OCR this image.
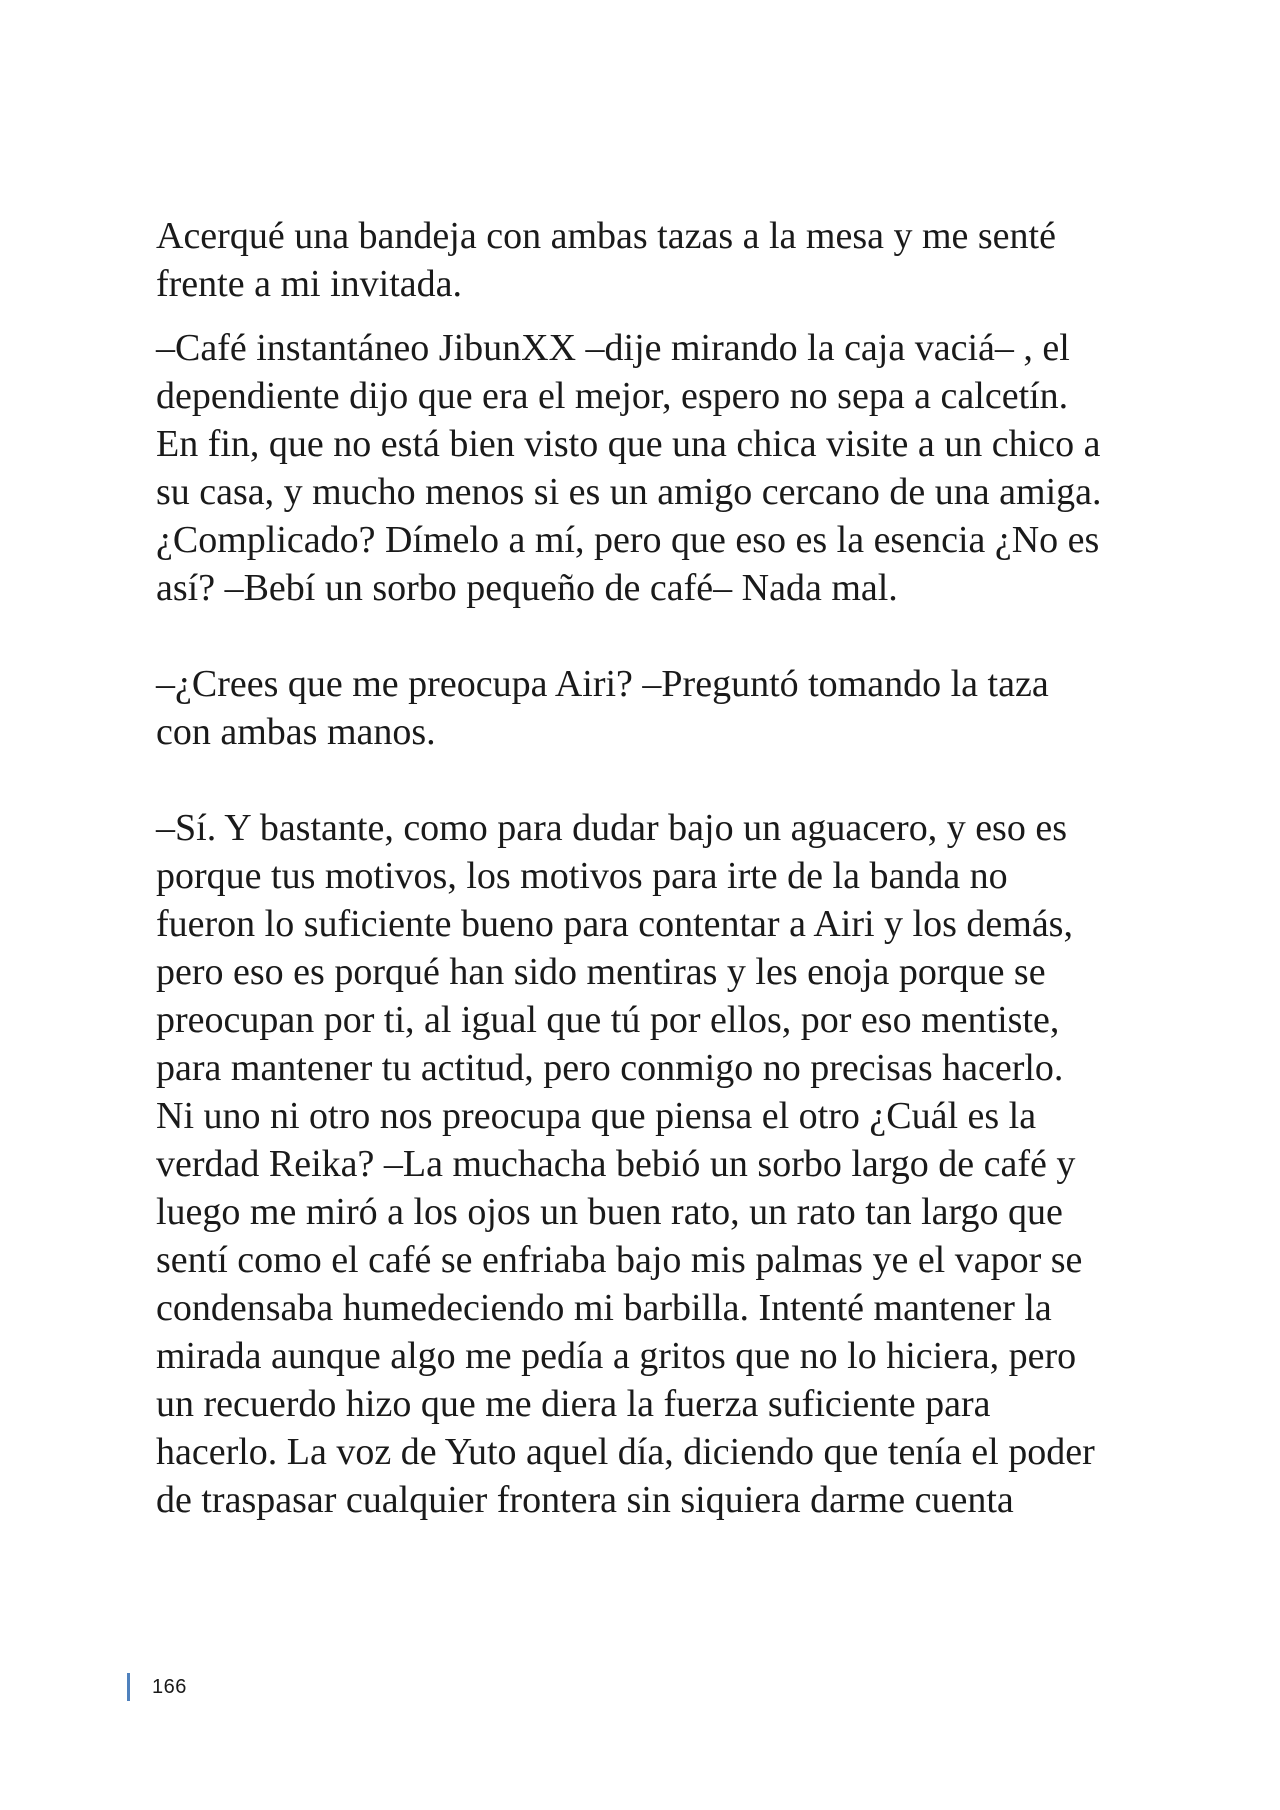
Acerqué una bandeja con ambas tazas a la mesa y me senté
frente a mi invitada.

–Café instantáneo JibunXX –dije mirando la caja vaciá– , el
dependiente dijo que era el mejor, espero no sepa a calcetín.
En fin, que no está bien visto que una chica visite a un chico a
su casa, y mucho menos si es un amigo cercano de una amiga.
¿Complicado? Dímelo a mí, pero que eso es la esencia ¿No es
así? –Bebí un sorbo pequeño de café– Nada mal.

–¿Crees que me preocupa Airi? –Preguntó tomando la taza
con ambas manos.

–Sí. Y bastante, como para dudar bajo un aguacero, y eso es
porque tus motivos, los motivos para irte de la banda no
fueron lo suficiente bueno para contentar a Airi y los demás,
pero eso es porqué han sido mentiras y les enoja porque se
preocupan por ti, al igual que tú por ellos, por eso mentiste,
para mantener tu actitud, pero conmigo no precisas hacerlo.
Ni uno ni otro nos preocupa que piensa el otro ¿Cuál es la
verdad Reika? –La muchacha bebió un sorbo largo de café y
luego me miró a los ojos un buen rato, un rato tan largo que
sentí como el café se enfriaba bajo mis palmas ye el vapor se
condensaba humedeciendo mi barbilla. Intenté mantener la
mirada aunque algo me pedía a gritos que no lo hiciera, pero
un recuerdo hizo que me diera la fuerza suficiente para
hacerlo. La voz de Yuto aquel día, diciendo que tenía el poder
de traspasar cualquier frontera sin siquiera darme cuenta

166
